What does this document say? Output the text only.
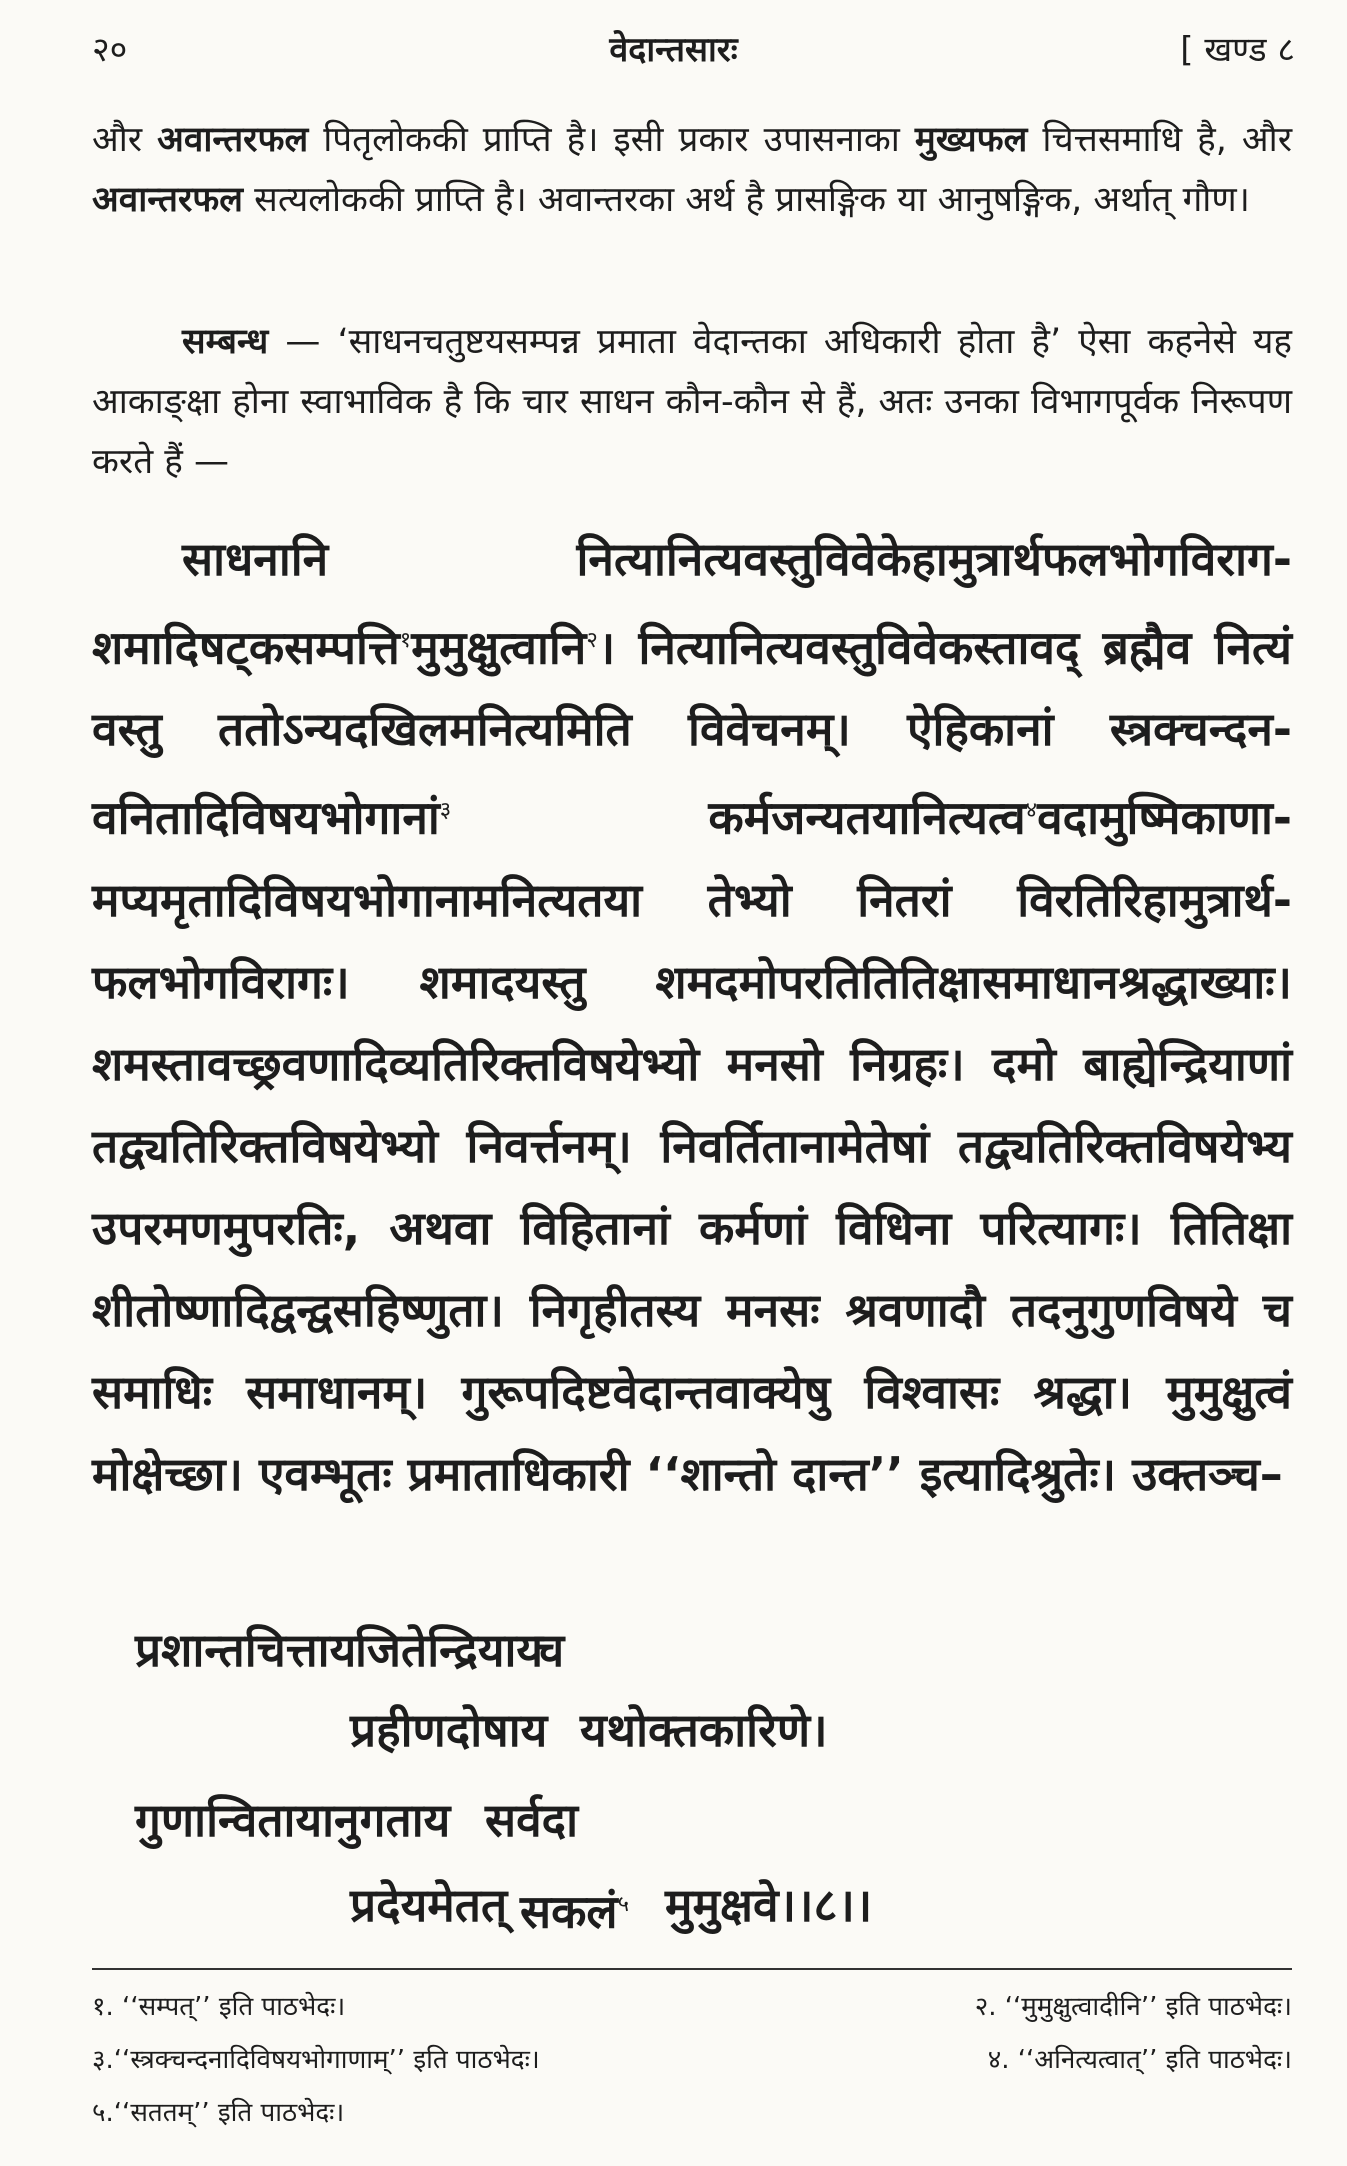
२०	वेदान्तसारः	[ खण्ड ८

और अवान्तरफल पितृलोककी प्राप्ति है। इसी प्रकार उपासनाका मुख्यफल चित्तसमाधि है, और अवान्तरफल सत्यलोककी प्राप्ति है। अवान्तरका अर्थ है प्रासङ्गिक या आनुषङ्गिक, अर्थात् गौण।

सम्बन्ध — ‘साधनचतुष्टयसम्पन्न प्रमाता वेदान्तका अधिकारी होता है’ ऐसा कहनेसे यह आकाङ्क्षा होना स्वाभाविक है कि चार साधन कौन-कौन से हैं, अतः उनका विभागपूर्वक निरूपण करते हैं —

साधनानि नित्यानित्यवस्तुविवेकेहामुत्रार्थफलभोगविराग-शमादिषट्कसम्पत्ति$^१$मुमुक्षुत्वानि$^२$। नित्यानित्यवस्तुविवेकस्तावद् ब्रह्मैव नित्यं वस्तु ततोऽन्यदखिलमनित्यमिति विवेचनम्। ऐहिकानां स्त्रक्चन्दन-वनितादिविषयभोगानां$^३$ कर्मजन्यतयानित्यत्व$^४$वदामुष्मिकाणा-मप्यमृतादिविषयभोगानामनित्यतया तेभ्यो नितरां विरतिरिहामुत्रार्थ-फलभोगविरागः। शमादयस्तु शमदमोपरतितितिक्षासमाधानश्रद्धाख्याः। शमस्तावच्छ्रवणादिव्यतिरिक्तविषयेभ्यो मनसो निग्रहः। दमो बाह्येन्द्रियाणां तद्व्यतिरिक्तविषयेभ्यो निवर्त्तनम्। निवर्तितानामेतेषां तद्व्यतिरिक्तविषयेभ्य उपरमणमुपरतिः, अथवा विहितानां कर्मणां विधिना परित्यागः। तितिक्षा शीतोष्णादिद्वन्द्वसहिष्णुता। निगृहीतस्य मनसः श्रवणादौ तदनुगुणविषये च समाधिः समाधानम्। गुरूपदिष्टवेदान्तवाक्येषु विश्वासः श्रद्धा। मुमुक्षुत्वं मोक्षेच्छा। एवम्भूतः प्रमाताधिकारी ‘‘शान्तो दान्त’’ इत्यादिश्रुतेः। उक्तञ्च–

प्रशान्तचित्ताय
जितेन्द्रियाय
च
प्रहीणदोषाय यथोक्तकारिणे।
गुणान्वितायानुगताय सर्वदा
प्रदेयमेतत् सकलं$^५$ मुमुक्षवे।।८।।
१. ‘‘सम्पत्’’ इति पाठभेदः।	२. ‘‘मुमुक्षुत्वादीनि’’ इति पाठभेदः।
३.‘‘स्त्रक्चन्दनादिविषयभोगाणाम्’’ इति पाठभेदः।	४. ‘‘अनित्यत्वात्’’ इति पाठभेदः।
५.‘‘सततम्’’ इति पाठभेदः।
